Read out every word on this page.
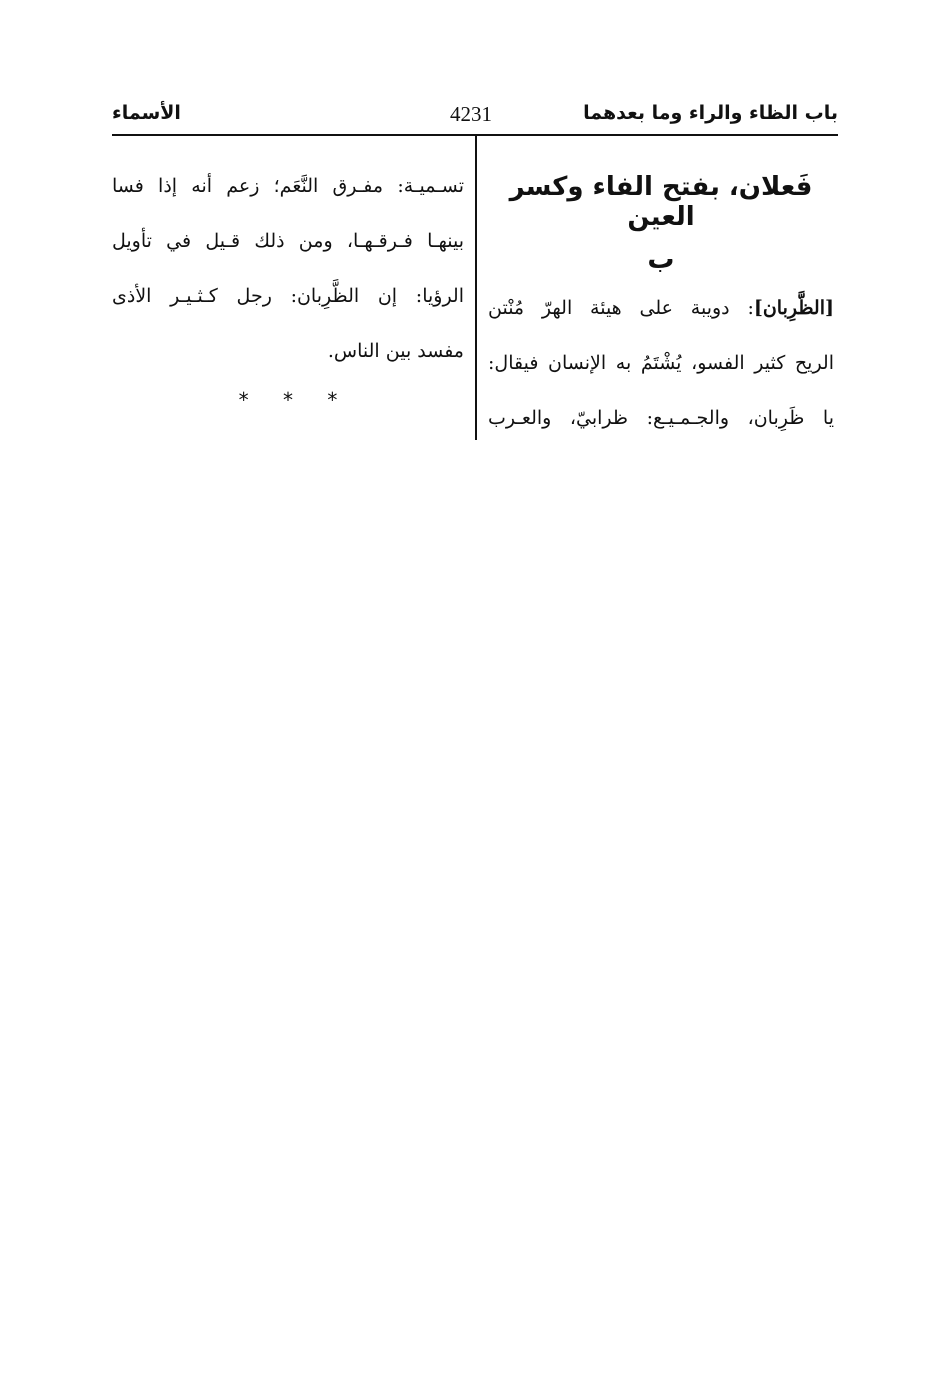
باب الظاء والراء وما بعدهما
4231
الأسماء
فَعلان، بفتح الفاء وكسر العين
ب
[الظَّرِبان]: دويبة على هيئة الهرّ مُنْتن
الريح كثير الفسو، يُشْتَمُ به الإنسان فيقال:
يا ظَرِبان، والجـمـيـع: ظرابيّ، والعـرب
تسـميـة: مفـرق النَّعَم؛ زعم أنه إذا فسا
بينهـا فـرقـهـا، ومن ذلك قـيل في تأويل
الرؤيا: إن الظَّرِبان: رجل كـثـيـر الأذى
مفسد بين الناس.
* * *
